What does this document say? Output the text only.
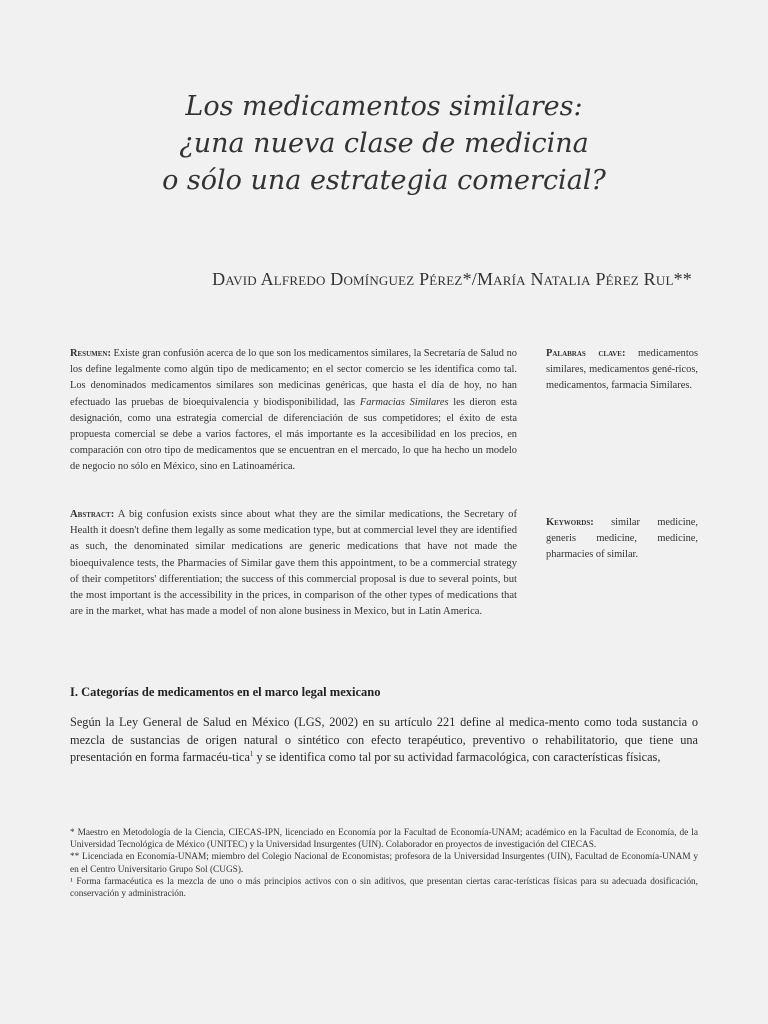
Los medicamentos similares:
¿una nueva clase de medicina
o sólo una estrategia comercial?
David Alfredo Domínguez Pérez*/María Natalia Pérez Rul**
Resumen: Existe gran confusión acerca de lo que son los medicamentos similares, la Secretaría de Salud no los define legalmente como algún tipo de medicamento; en el sector comercio se les identifica como tal. Los denominados medicamentos similares son medicinas genéricas, que hasta el día de hoy, no han efectuado las pruebas de bioequivalencia y biodisponibilidad, las Farmacias Similares les dieron esta designación, como una estrategia comercial de diferenciación de sus competidores; el éxito de esta propuesta comercial se debe a varios factores, el más importante es la accesibilidad en los precios, en comparación con otro tipo de medicamentos que se encuentran en el mercado, lo que ha hecho un modelo de negocio no sólo en México, sino en Latinoamérica.
Palabras clave: medicamentos similares, medicamentos gené-ricos, medicamentos, farmacia Similares.
Abstract: A big confusion exists since about what they are the similar medications, the Secretary of Health it doesn't define them legally as some medication type, but at commercial level they are identified as such, the denominated similar medications are generic medications that have not made the bioequivalence tests, the Pharmacies of Similar gave them this appointment, to be a commercial strategy of their competitors' differentiation; the success of this commercial proposal is due to several points, but the most important is the accessibility in the prices, in comparison of the other types of medications that are in the market, what has made a model of non alone business in Mexico, but in Latin America.
Keywords: similar medicine, generis medicine, medicine, pharmacies of similar.
I. Categorías de medicamentos en el marco legal mexicano
Según la Ley General de Salud en México (LGS, 2002) en su artículo 221 define al medica-mento como toda sustancia o mezcla de sustancias de origen natural o sintético con efecto terapéutico, preventivo o rehabilitatorio, que tiene una presentación en forma farmacéu-tica$^1$ y se identifica como tal por su actividad farmacológica, con características físicas,

* Maestro en Metodología de la Ciencia, CIECAS-IPN, licenciado en Economía por la Facultad de Economía-UNAM; académico en la Facultad de Economía, de la Universidad Tecnológica de México (UNITEC) y la Universidad Insurgentes (UIN). Colaborador en proyectos de investigación del CIECAS.

** Licenciada en Economía-UNAM; miembro del Colegio Nacional de Economistas; profesora de la Universidad Insurgentes (UIN), Facultad de Economía-UNAM y en el Centro Universitario Grupo Sol (CUGS).

¹ Forma farmacéutica es la mezcla de uno o más principios activos con o sin aditivos, que presentan ciertas carac-terísticas físicas para su adecuada dosificación, conservación y administración.
